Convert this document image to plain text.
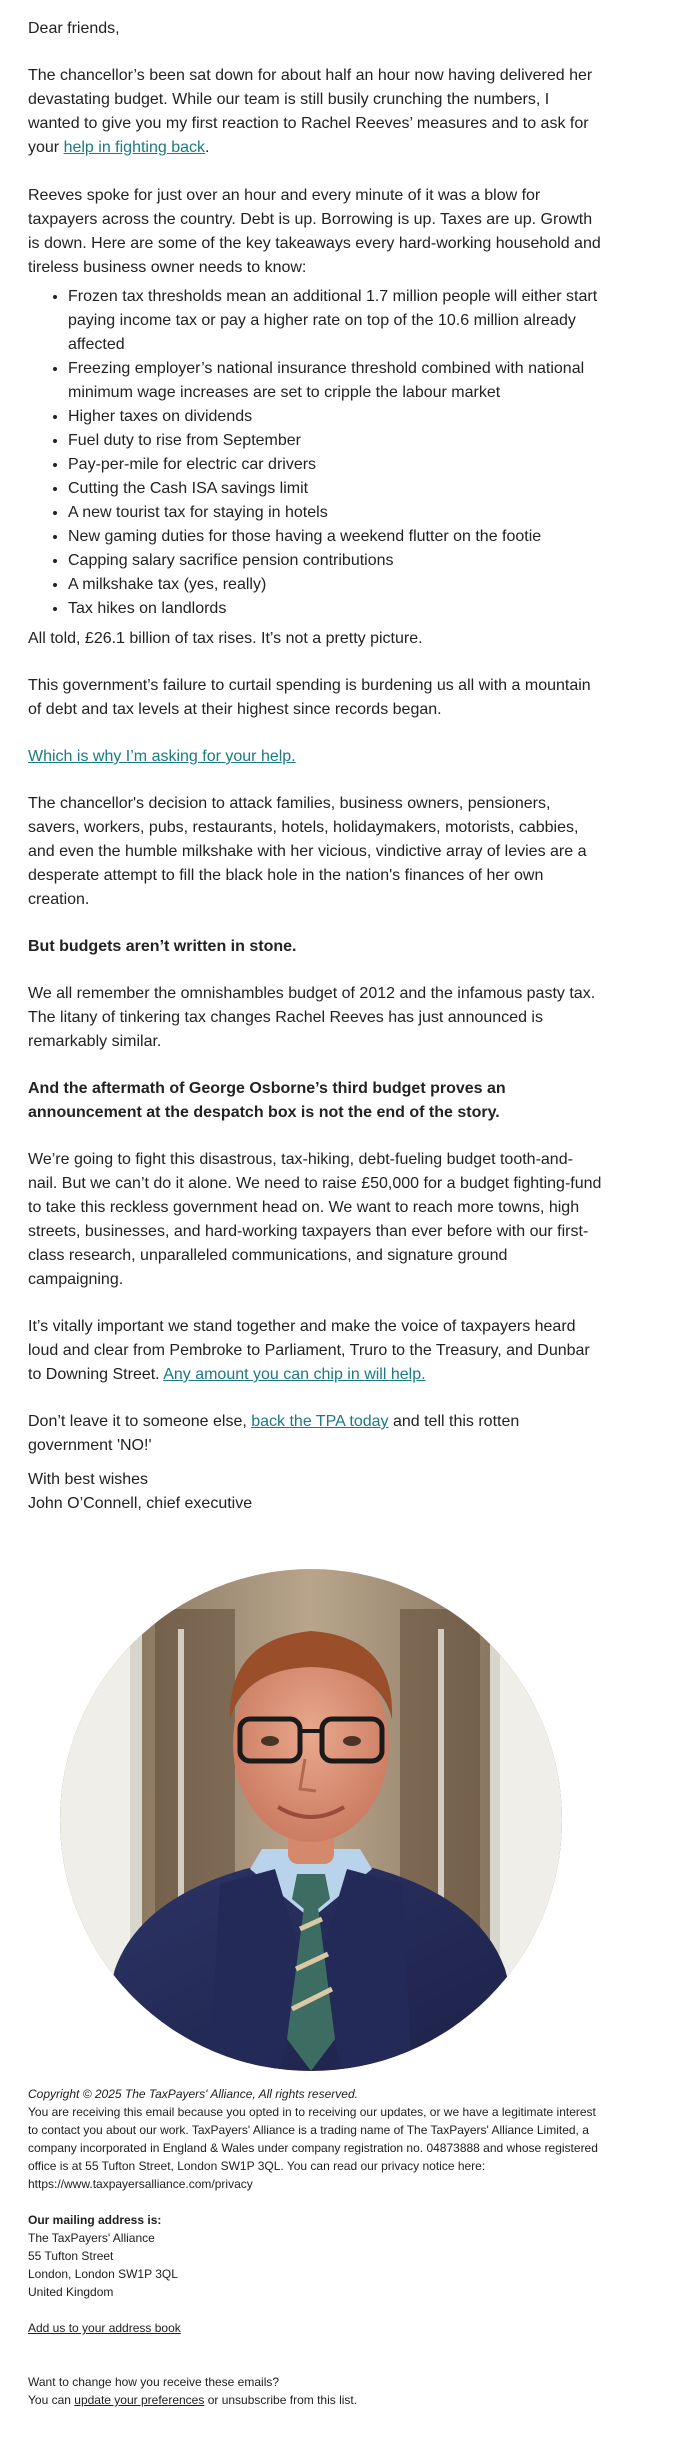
Dear friends,

The chancellor’s been sat down for about half an hour now having delivered her devastating budget. While our team is still busily crunching the numbers, I wanted to give you my first reaction to Rachel Reeves’ measures and to ask for your help in fighting back.

Reeves spoke for just over an hour and every minute of it was a blow for taxpayers across the country. Debt is up. Borrowing is up. Taxes are up. Growth is down. Here are some of the key takeaways every hard-working household and tireless business owner needs to know:

• Frozen tax thresholds mean an additional 1.7 million people will either start paying income tax or pay a higher rate on top of the 10.6 million already affected
• Freezing employer’s national insurance threshold combined with national minimum wage increases are set to cripple the labour market
• Higher taxes on dividends
• Fuel duty to rise from September
• Pay-per-mile for electric car drivers
• Cutting the Cash ISA savings limit
• A new tourist tax for staying in hotels
• New gaming duties for those having a weekend flutter on the footie
• Capping salary sacrifice pension contributions
• A milkshake tax (yes, really)
• Tax hikes on landlords

All told, £26.1 billion of tax rises. It’s not a pretty picture.

This government’s failure to curtail spending is burdening us all with a mountain of debt and tax levels at their highest since records began.

Which is why I’m asking for your help.

The chancellor's decision to attack families, business owners, pensioners, savers, workers, pubs, restaurants, hotels, holidaymakers, motorists, cabbies, and even the humble milkshake with her vicious, vindictive array of levies are a desperate attempt to fill the black hole in the nation's finances of her own creation.

But budgets aren’t written in stone.

We all remember the omnishambles budget of 2012 and the infamous pasty tax. The litany of tinkering tax changes Rachel Reeves has just announced is remarkably similar.

And the aftermath of George Osborne’s third budget proves an announcement at the despatch box is not the end of the story.

We’re going to fight this disastrous, tax-hiking, debt-fueling budget tooth-and-nail. But we can’t do it alone. We need to raise £50,000 for a budget fighting-fund to take this reckless government head on. We want to reach more towns, high streets, businesses, and hard-working taxpayers than ever before with our first-class research, unparalleled communications, and signature ground campaigning.

It’s vitally important we stand together and make the voice of taxpayers heard loud and clear from Pembroke to Parliament, Truro to the Treasury, and Dunbar to Downing Street. Any amount you can chip in will help.

Don’t leave it to someone else, back the TPA today and tell this rotten government 'NO!'

With best wishes

John O’Connell, chief executive

Copyright © 2025 The TaxPayers' Alliance, All rights reserved.

You are receiving this email because you opted in to receiving our updates, or we have a legitimate interest to contact you about our work. TaxPayers' Alliance is a trading name of The TaxPayers' Alliance Limited, a company incorporated in England & Wales under company registration no. 04873888 and whose registered office is at 55 Tufton Street, London SW1P 3QL. You can read our privacy notice here: https://www.taxpayersalliance.com/privacy

Our mailing address is:

The TaxPayers' Alliance

55 Tufton Street

London, London SW1P 3QL

United Kingdom

Add us to your address book

Want to change how you receive these emails?

You can update your preferences or unsubscribe from this list.
